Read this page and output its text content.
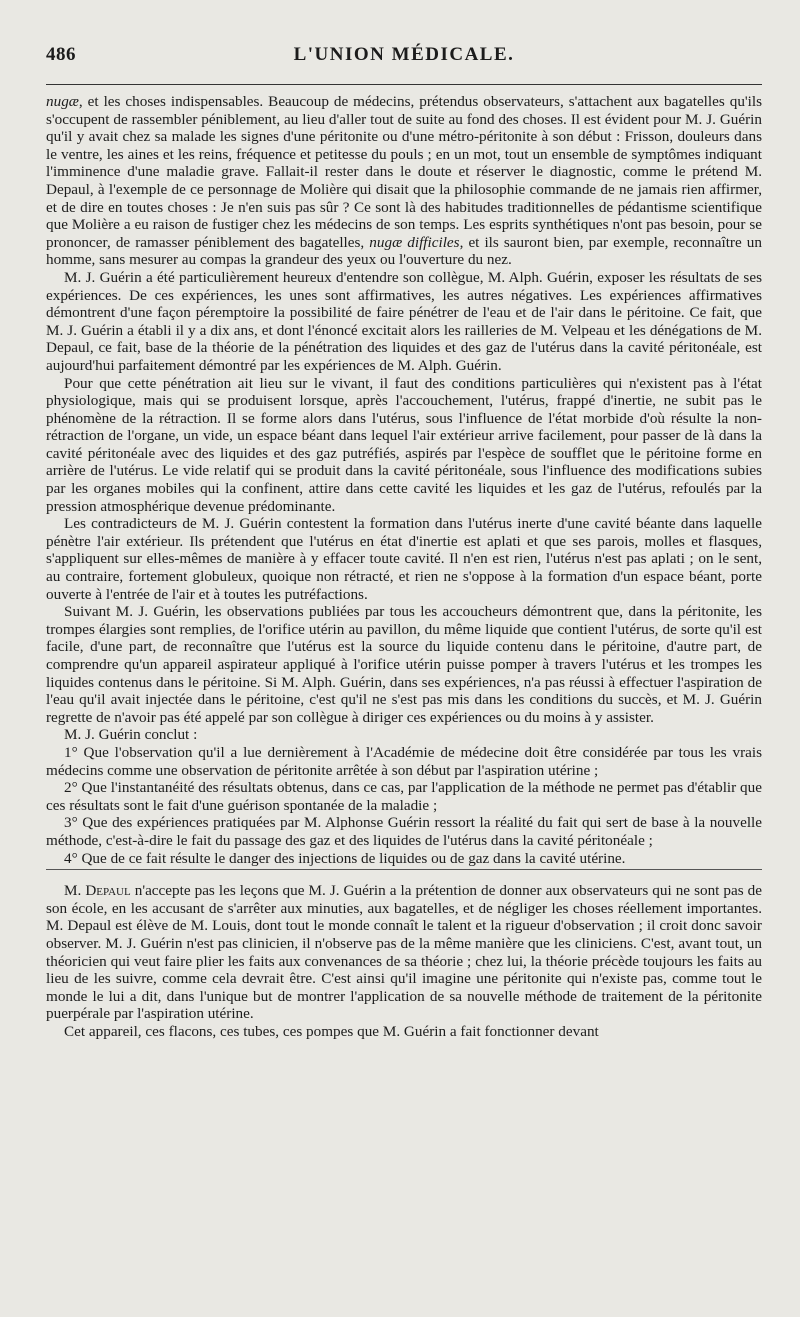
486	L'UNION MÉDICALE.

nugæ, et les choses indispensables. Beaucoup de médecins, prétendus observateurs, s'attachent aux bagatelles qu'ils s'occupent de rassembler péniblement, au lieu d'aller tout de suite au fond des choses. Il est évident pour M. J. Guérin qu'il y avait chez sa malade les signes d'une péritonite ou d'une métro-péritonite à son début : Frisson, douleurs dans le ventre, les aines et les reins, fréquence et petitesse du pouls ; en un mot, tout un ensemble de symptômes indiquant l'imminence d'une maladie grave. Fallait-il rester dans le doute et réserver le diagnostic, comme le prétend M. Depaul, à l'exemple de ce personnage de Molière qui disait que la philosophie commande de ne jamais rien affirmer, et de dire en toutes choses : Je n'en suis pas sûr ? Ce sont là des habitudes traditionnelles de pédantisme scientifique que Molière a eu raison de fustiger chez les médecins de son temps. Les esprits synthétiques n'ont pas besoin, pour se prononcer, de ramasser péniblement des bagatelles, nugæ difficiles, et ils sauront bien, par exemple, reconnaître un homme, sans mesurer au compas la grandeur des yeux ou l'ouverture du nez.

M. J. Guérin a été particulièrement heureux d'entendre son collègue, M. Alph. Guérin, exposer les résultats de ses expériences. De ces expériences, les unes sont affirmatives, les autres négatives. Les expériences affirmatives démontrent d'une façon péremptoire la possibilité de faire pénétrer de l'eau et de l'air dans le péritoine. Ce fait, que M. J. Guérin a établi il y a dix ans, et dont l'énoncé excitait alors les railleries de M. Velpeau et les dénégations de M. Depaul, ce fait, base de la théorie de la pénétration des liquides et des gaz de l'utérus dans la cavité péritonéale, est aujourd'hui parfaitement démontré par les expériences de M. Alph. Guérin.

Pour que cette pénétration ait lieu sur le vivant, il faut des conditions particulières qui n'existent pas à l'état physiologique, mais qui se produisent lorsque, après l'accouchement, l'utérus, frappé d'inertie, ne subit pas le phénomène de la rétraction. Il se forme alors dans l'utérus, sous l'influence de l'état morbide d'où résulte la non-rétraction de l'organe, un vide, un espace béant dans lequel l'air extérieur arrive facilement, pour passer de là dans la cavité péritonéale avec des liquides et des gaz putréfiés, aspirés par l'espèce de soufflet que le péritoine forme en arrière de l'utérus. Le vide relatif qui se produit dans la cavité péritonéale, sous l'influence des modifications subies par les organes mobiles qui la confinent, attire dans cette cavité les liquides et les gaz de l'utérus, refoulés par la pression atmosphérique devenue prédominante.

Les contradicteurs de M. J. Guérin contestent la formation dans l'utérus inerte d'une cavité béante dans laquelle pénètre l'air extérieur. Ils prétendent que l'utérus en état d'inertie est aplati et que ses parois, molles et flasques, s'appliquent sur elles-mêmes de manière à y effacer toute cavité. Il n'en est rien, l'utérus n'est pas aplati ; on le sent, au contraire, fortement globuleux, quoique non rétracté, et rien ne s'oppose à la formation d'un espace béant, porte ouverte à l'entrée de l'air et à toutes les putréfactions.

Suivant M. J. Guérin, les observations publiées par tous les accoucheurs démontrent que, dans la péritonite, les trompes élargies sont remplies, de l'orifice utérin au pavillon, du même liquide que contient l'utérus, de sorte qu'il est facile, d'une part, de reconnaître que l'utérus est la source du liquide contenu dans le péritoine, d'autre part, de comprendre qu'un appareil aspirateur appliqué à l'orifice utérin puisse pomper à travers l'utérus et les trompes les liquides contenus dans le péritoine. Si M. Alph. Guérin, dans ses expériences, n'a pas réussi à effectuer l'aspiration de l'eau qu'il avait injectée dans le péritoine, c'est qu'il ne s'est pas mis dans les conditions du succès, et M. J. Guérin regrette de n'avoir pas été appelé par son collègue à diriger ces expériences ou du moins à y assister.

M. J. Guérin conclut :

1° Que l'observation qu'il a lue dernièrement à l'Académie de médecine doit être considérée par tous les vrais médecins comme une observation de péritonite arrêtée à son début par l'aspiration utérine ;

2° Que l'instantanéité des résultats obtenus, dans ce cas, par l'application de la méthode ne permet pas d'établir que ces résultats sont le fait d'une guérison spontanée de la maladie ;

3° Que des expériences pratiquées par M. Alphonse Guérin ressort la réalité du fait qui sert de base à la nouvelle méthode, c'est-à-dire le fait du passage des gaz et des liquides de l'utérus dans la cavité péritonéale ;

4° Que de ce fait résulte le danger des injections de liquides ou de gaz dans la cavité utérine.

M. Depaul n'accepte pas les leçons que M. J. Guérin a la prétention de donner aux observateurs qui ne sont pas de son école, en les accusant de s'arrêter aux minuties, aux bagatelles, et de négliger les choses réellement importantes. M. Depaul est élève de M. Louis, dont tout le monde connaît le talent et la rigueur d'observation ; il croit donc savoir observer. M. J. Guérin n'est pas clinicien, il n'observe pas de la même manière que les cliniciens. C'est, avant tout, un théoricien qui veut faire plier les faits aux convenances de sa théorie ; chez lui, la théorie précède toujours les faits au lieu de les suivre, comme cela devrait être. C'est ainsi qu'il imagine une péritonite qui n'existe pas, comme tout le monde le lui a dit, dans l'unique but de montrer l'application de sa nouvelle méthode de traitement de la péritonite puerpérale par l'aspiration utérine.

Cet appareil, ces flacons, ces tubes, ces pompes que M. Guérin a fait fonctionner devant
